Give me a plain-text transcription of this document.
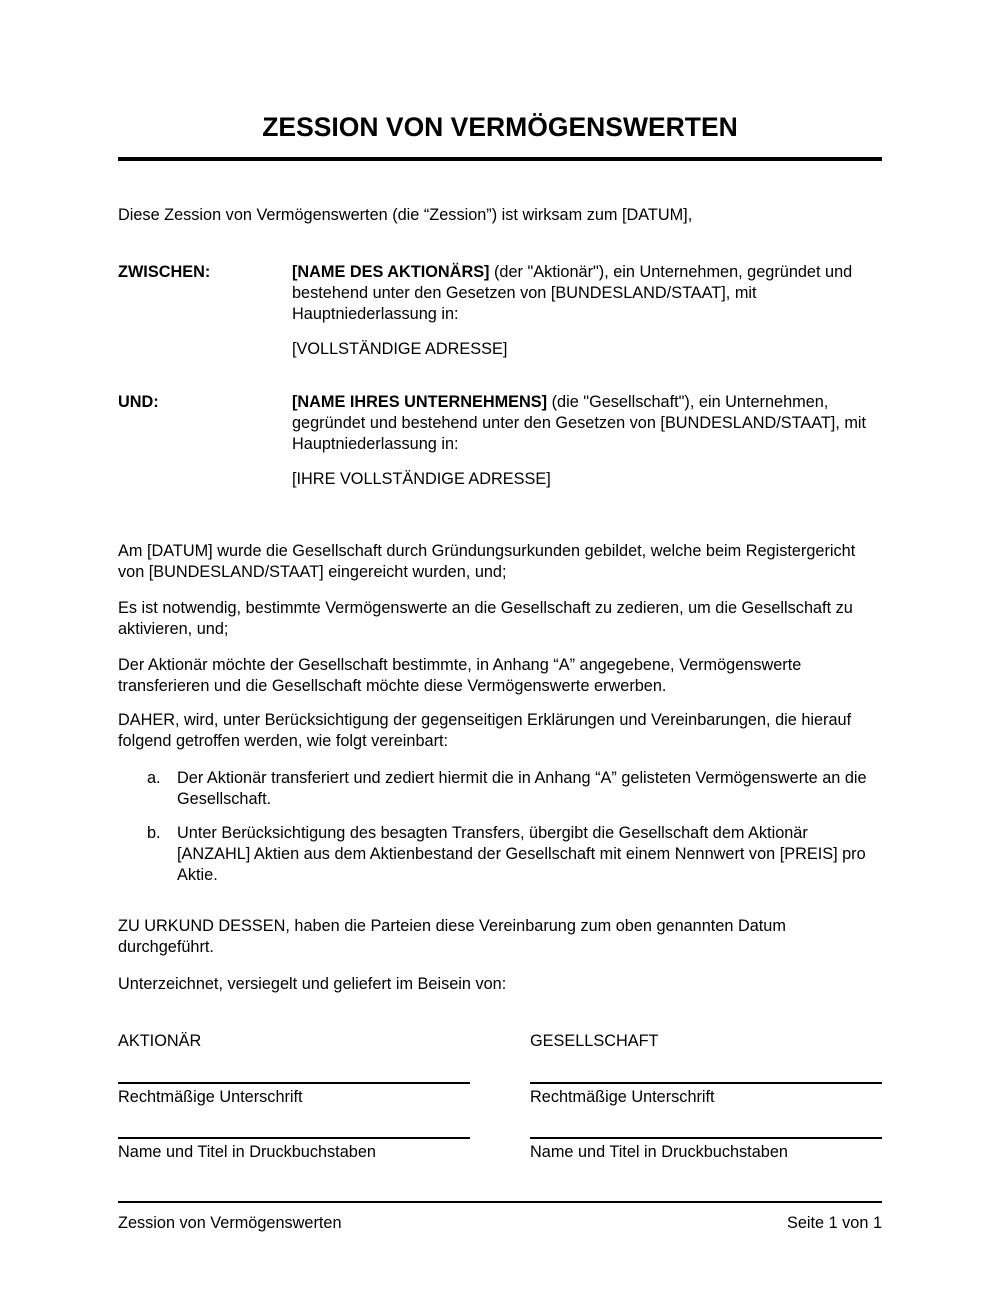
ZESSION VON VERMÖGENSWERTEN

Diese Zession von Vermögenswerten (die “Zession”) ist wirksam zum [DATUM],

ZWISCHEN:	[NAME DES AKTIONÄRS] (der "Aktionär"), ein Unternehmen, gegründet und bestehend unter den Gesetzen von [BUNDESLAND/STAAT], mit Hauptniederlassung in:

[VOLLSTÄNDIGE ADRESSE]

UND:	[NAME IHRES UNTERNEHMENS] (die "Gesellschaft"), ein Unternehmen, gegründet und bestehend unter den Gesetzen von [BUNDESLAND/STAAT], mit Hauptniederlassung in:

[IHRE VOLLSTÄNDIGE ADRESSE]

Am [DATUM] wurde die Gesellschaft durch Gründungsurkunden gebildet, welche beim Registergericht von [BUNDESLAND/STAAT] eingereicht wurden, und;

Es ist notwendig, bestimmte Vermögenswerte an die Gesellschaft zu zedieren, um die Gesellschaft zu aktivieren, und;

Der Aktionär möchte der Gesellschaft bestimmte, in Anhang “A” angegebene, Vermögenswerte transferieren und die Gesellschaft möchte diese Vermögenswerte erwerben.

DAHER, wird, unter Berücksichtigung der gegenseitigen Erklärungen und Vereinbarungen, die hierauf folgend getroffen werden, wie folgt vereinbart:

a.	Der Aktionär transferiert und zediert hiermit die in Anhang “A” gelisteten Vermögenswerte an die Gesellschaft.
b.	Unter Berücksichtigung des besagten Transfers, übergibt die Gesellschaft dem Aktionär [ANZAHL] Aktien aus dem Aktienbestand der Gesellschaft mit einem Nennwert von [PREIS] pro Aktie.

ZU URKUND DESSEN, haben die Parteien diese Vereinbarung zum oben genannten Datum durchgeführt.

Unterzeichnet, versiegelt und geliefert im Beisein von:

AKTIONÄR
Rechtmäßige Unterschrift
Name und Titel in Druckbuchstaben
GESELLSCHAFT
Rechtmäßige Unterschrift
Name und Titel in Druckbuchstaben
Zession von Vermögenswerten	Seite 1 von 1
